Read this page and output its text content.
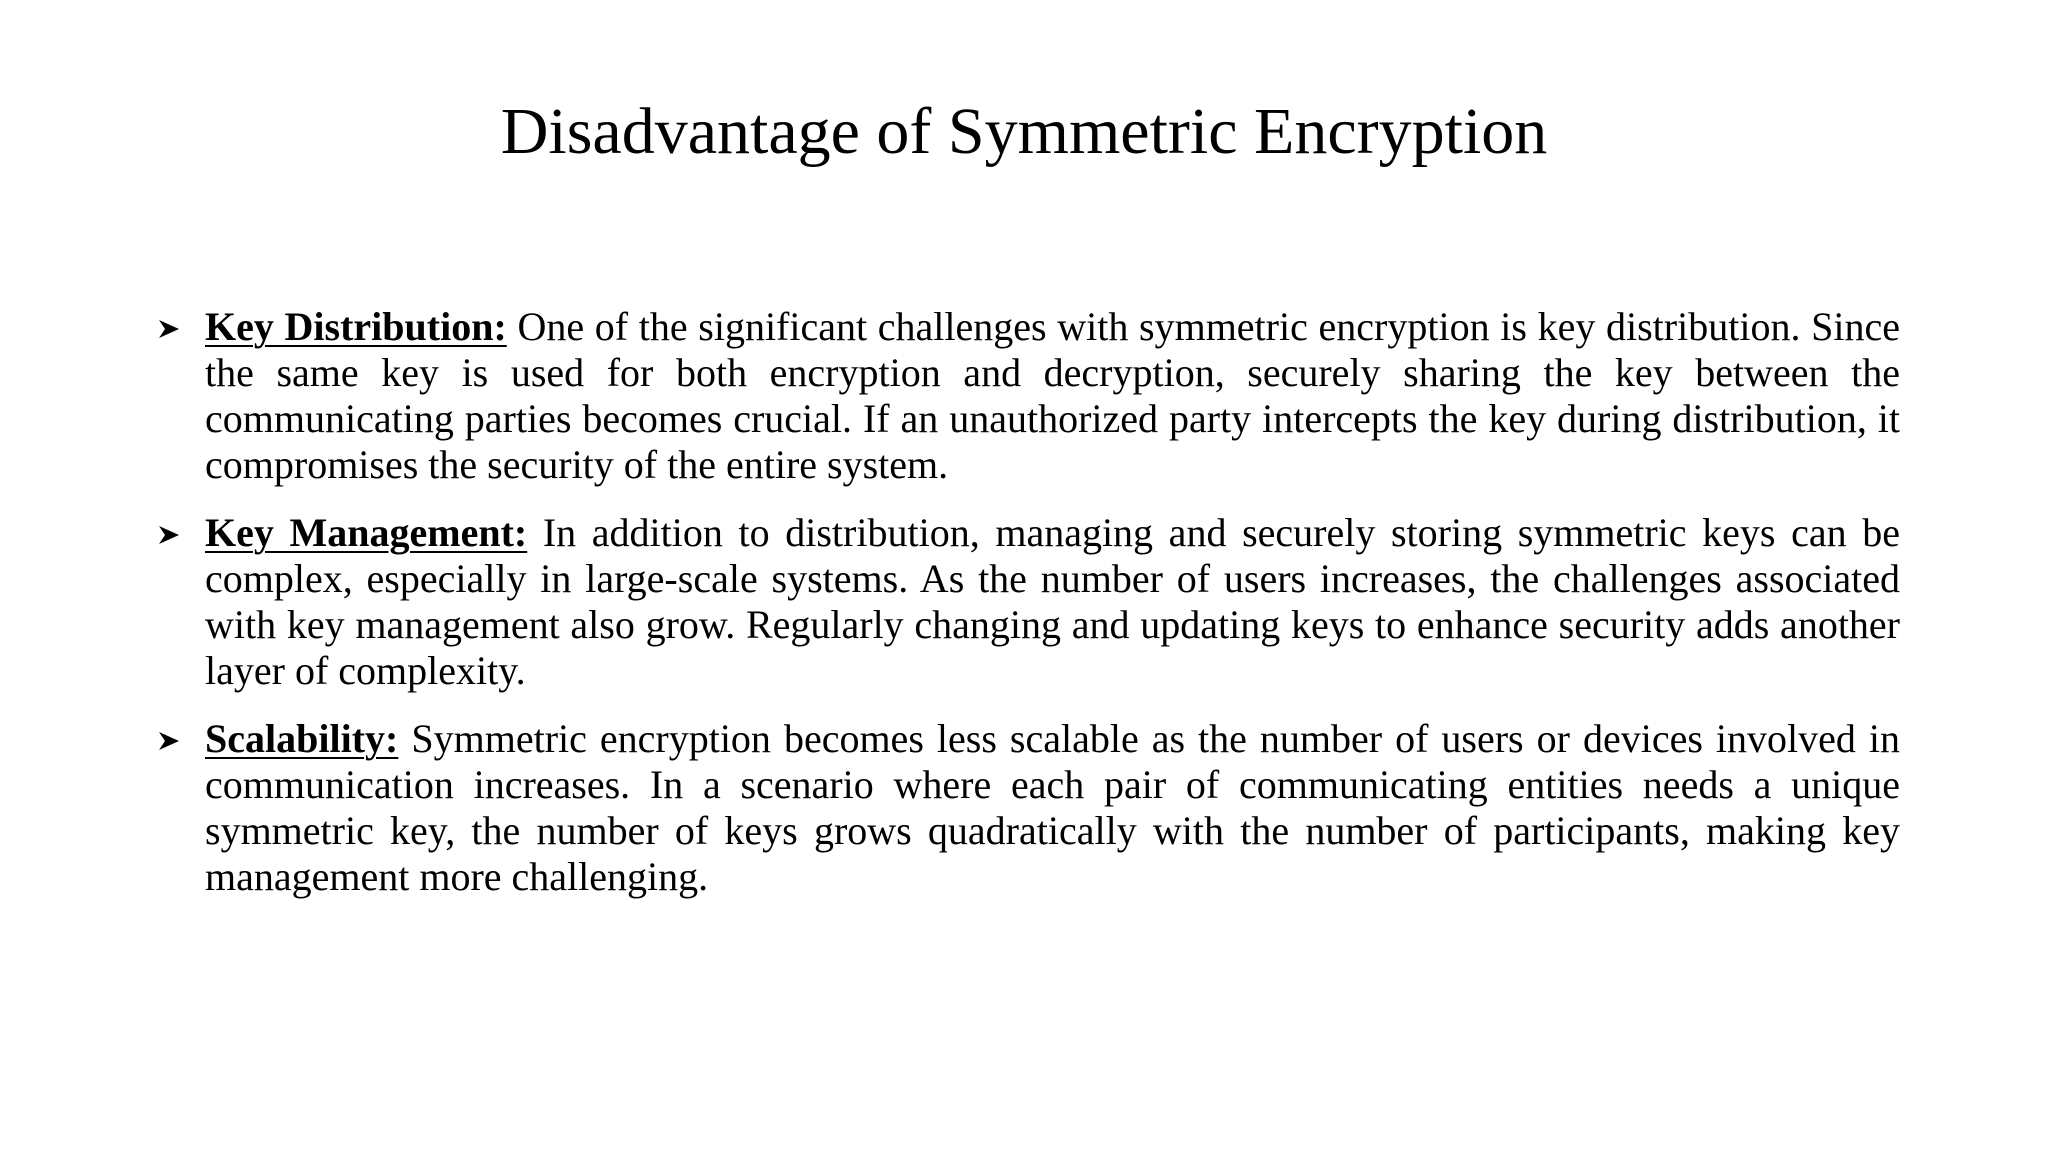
Disadvantage of Symmetric Encryption
Key Distribution: One of the significant challenges with symmetric encryption is key distribution. Since the same key is used for both encryption and decryption, securely sharing the key between the communicating parties becomes crucial. If an unauthorized party intercepts the key during distribution, it compromises the security of the entire system.
Key Management: In addition to distribution, managing and securely storing symmetric keys can be complex, especially in large-scale systems. As the number of users increases, the challenges associated with key management also grow. Regularly changing and updating keys to enhance security adds another layer of complexity.
Scalability: Symmetric encryption becomes less scalable as the number of users or devices involved in communication increases. In a scenario where each pair of communicating entities needs a unique symmetric key, the number of keys grows quadratically with the number of participants, making key management more challenging.
